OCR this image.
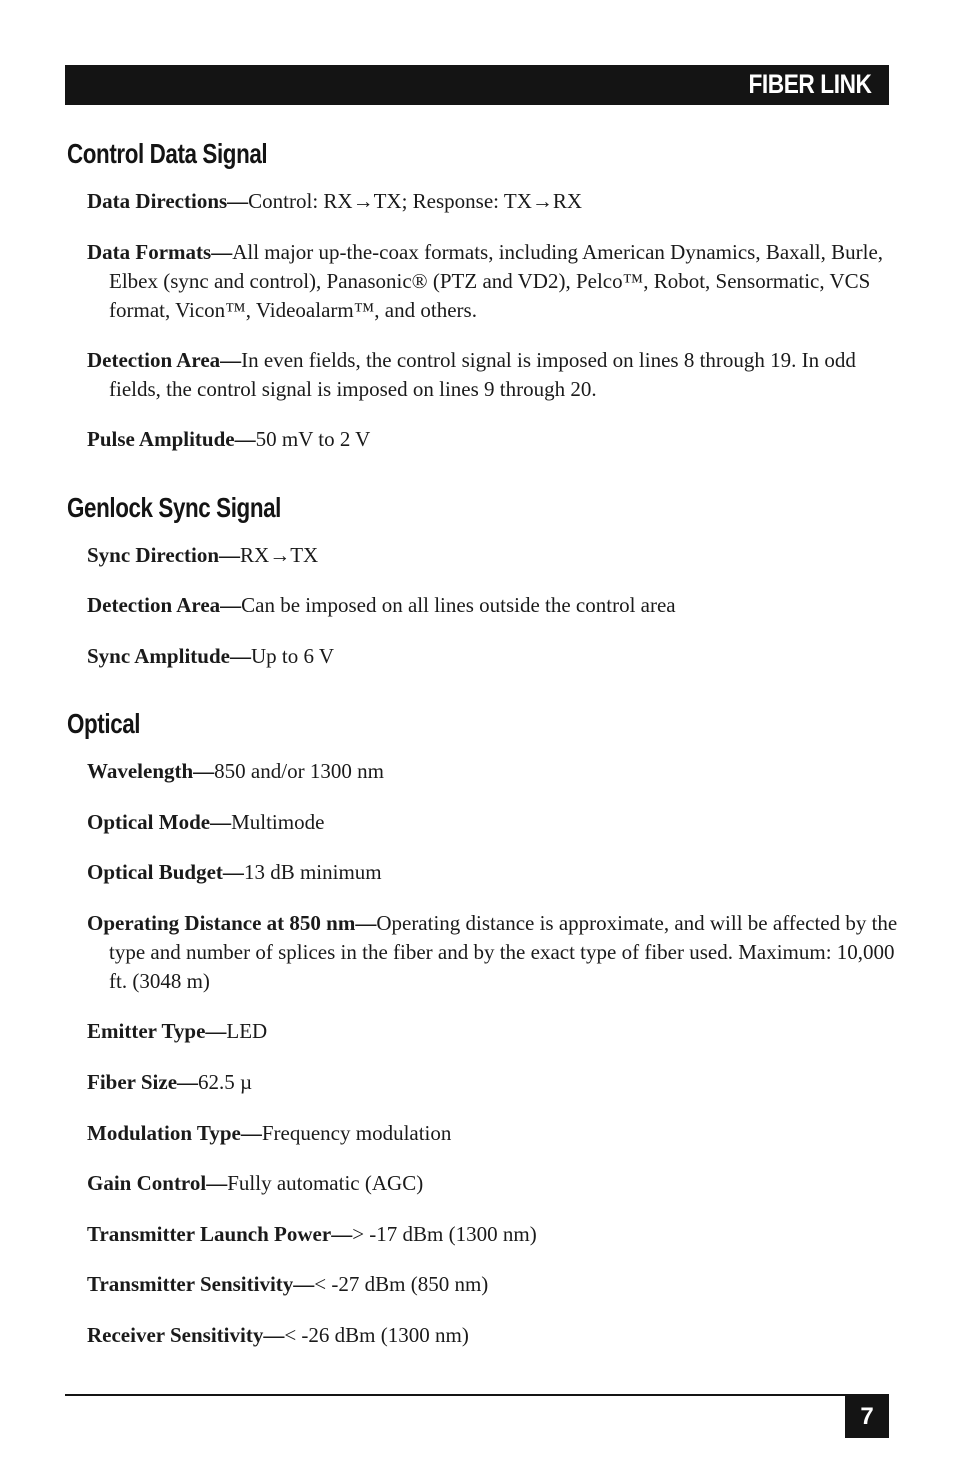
FIBER LINK
Control Data Signal

Data Directions—Control: RX→TX; Response: TX→RX

Data Formats—All major up-the-coax formats, including American Dynamics, Baxall, Burle, Elbex (sync and control), Panasonic® (PTZ and VD2), Pelco™, Robot, Sensormatic, VCS format, Vicon™, Videoalarm™, and others.

Detection Area—In even fields, the control signal is imposed on lines 8 through 19. In odd fields, the control signal is imposed on lines 9 through 20.

Pulse Amplitude—50 mV to 2 V

Genlock Sync Signal

Sync Direction—RX→TX

Detection Area—Can be imposed on all lines outside the control area

Sync Amplitude—Up to 6 V

Optical

Wavelength—850 and/or 1300 nm

Optical Mode—Multimode

Optical Budget—13 dB minimum

Operating Distance at 850 nm—Operating distance is approximate, and will be affected by the type and number of splices in the fiber and by the exact type of fiber used. Maximum: 10,000 ft. (3048 m)

Emitter Type—LED

Fiber Size—62.5 µ

Modulation Type—Frequency modulation

Gain Control—Fully automatic (AGC)

Transmitter Launch Power—> -17 dBm (1300 nm)

Transmitter Sensitivity—< -27 dBm (850 nm)

Receiver Sensitivity—< -26 dBm (1300 nm)

7
